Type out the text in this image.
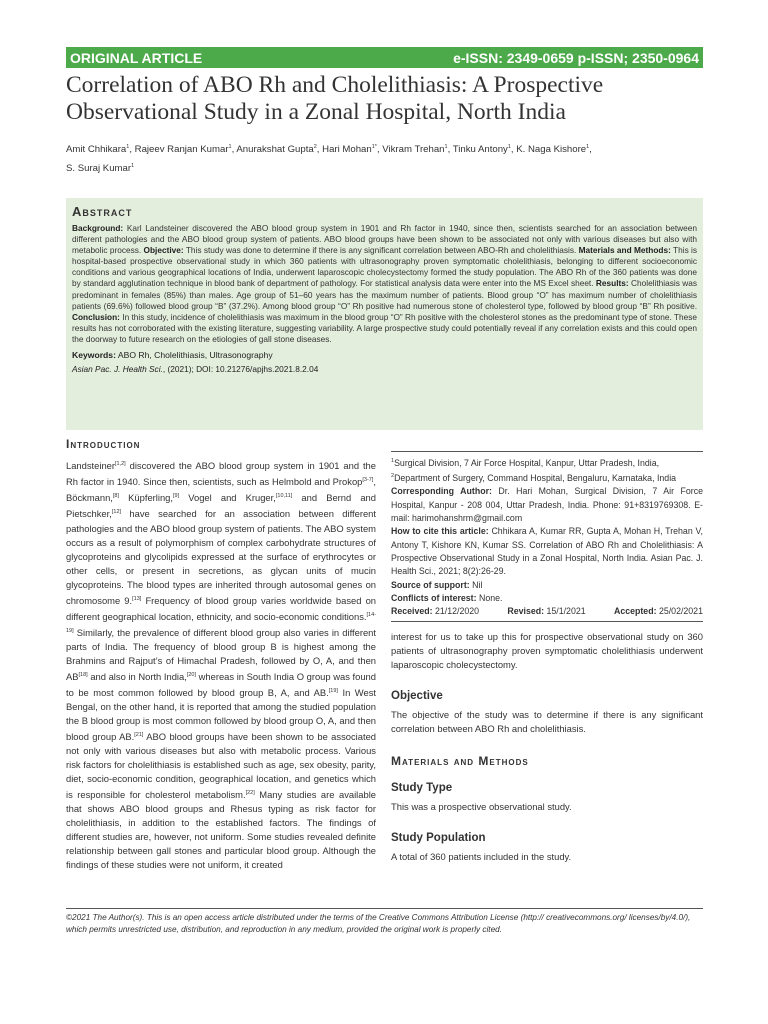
ORIGINAL ARTICLE	e-ISSN: 2349-0659 p-ISSN; 2350-0964
Correlation of ABO Rh and Cholelithiasis: A Prospective Observational Study in a Zonal Hospital, North India
Amit Chhikara$^1$, Rajeev Ranjan Kumar$^1$, Anurakshat Gupta$^2$, Hari Mohan$^{1*}$, Vikram Trehan$^1$, Tinku Antony$^1$, K. Naga Kishore$^1$,
S. Suraj Kumar$^1$
Abstract

Background: Karl Landsteiner discovered the ABO blood group system in 1901 and Rh factor in 1940, since then, scientists searched for an association between different pathologies and the ABO blood group system of patients. ABO blood groups have been shown to be associated not only with various diseases but also with metabolic process. Objective: This study was done to determine if there is any significant correlation between ABO-Rh and cholelithiasis. Materials and Methods: This is hospital-based prospective observational study in which 360 patients with ultrasonography proven symptomatic cholelithiasis, belonging to different socioeconomic conditions and various geographical locations of India, underwent laparoscopic cholecystectomy formed the study population. The ABO Rh of the 360 patients was done by standard agglutination technique in blood bank of department of pathology. For statistical analysis data were enter into the MS Excel sheet. Results: Cholelithiasis was predominant in females (85%) than males. Age group of 51–60 years has the maximum number of patients. Blood group “O” has maximum number of cholelithiasis patients (69.6%) followed blood group “B” (37.2%). Among blood group “O” Rh positive had numerous stone of cholesterol type, followed by blood group “B” Rh positive. Conclusion: In this study, incidence of cholelithiasis was maximum in the blood group “O” Rh positive with the cholesterol stones as the predominant type of stone. These results has not corroborated with the existing literature, suggesting variability. A large prospective study could potentially reveal if any correlation exists and this could open the doorway to future research on the etiologies of gall stone diseases.

Keywords: ABO Rh, Cholelithiasis, Ultrasonography

Asian Pac. J. Health Sci., (2021); DOI: 10.21276/apjhs.2021.8.2.04

Introduction

Landsteiner[1,2] discovered the ABO blood group system in 1901 and the Rh factor in 1940. Since then, scientists, such as Helmbold and Prokop[3-7], Böckmann,[8] Küpferling,[9] Vogel and Kruger,[10,11] and Bernd and Pietschker,[12] have searched for an association between different pathologies and the ABO blood group system of patients. The ABO system occurs as a result of polymorphism of complex carbohydrate structures of glycoproteins and glycolipids expressed at the surface of erythrocytes or other cells, or present in secretions, as glycan units of mucin glycoproteins. The blood types are inherited through autosomal genes on chromosome 9.[13] Frequency of blood group varies worldwide based on different geographical location, ethnicity, and socio-economic conditions.[14-19] Similarly, the prevalence of different blood group also varies in different parts of India. The frequency of blood group B is highest among the Brahmins and Rajput’s of Himachal Pradesh, followed by O, A, and then AB[18] and also in North India,[20] whereas in South India O group was found to be most common followed by blood group B, A, and AB.[19] In West Bengal, on the other hand, it is reported that among the studied population the B blood group is most common followed by blood group O, A, and then blood group AB.[21] ABO blood groups have been shown to be associated not only with various diseases but also with metabolic process. Various risk factors for cholelithiasis is established such as age, sex obesity, parity, diet, socio-economic condition, geographical location, and genetics which is responsible for cholesterol metabolism.[22] Many studies are available that shows ABO blood groups and Rhesus typing as risk factor for cholelithiasis, in addition to the established factors. The findings of different studies are, however, not uniform. Some studies revealed definite relationship between gall stones and particular blood group. Although the findings of these studies were not uniform, it created

$^1$Surgical Division, 7 Air Force Hospital, Kanpur, Uttar Pradesh, India,
$^2$Department of Surgery, Command Hospital, Bengaluru, Karnataka, India

Corresponding Author: Dr. Hari Mohan, Surgical Division, 7 Air Force Hospital, Kanpur - 208 004, Uttar Pradesh, India. Phone: 91+8319769308. E-mail: harimohanshrm@gmail.com

How to cite this article: Chhikara A, Kumar RR, Gupta A, Mohan H, Trehan V, Antony T, Kishore KN, Kumar SS. Correlation of ABO Rh and Cholelithiasis: A Prospective Observational Study in a Zonal Hospital, North India. Asian Pac. J. Health Sci., 2021; 8(2):26-29.

Source of support: Nil

Conflicts of interest: None.

Received: 21/12/2020	Revised: 15/1/2021	Accepted: 25/02/2021

interest for us to take up this for prospective observational study on 360 patients of ultrasonography proven symptomatic cholelithiasis underwent laparoscopic cholecystectomy.

Objective

The objective of the study was to determine if there is any significant correlation between ABO Rh and cholelithiasis.

Materials and Methods
Study Type

This was a prospective observational study.

Study Population

A total of 360 patients included in the study.

©2021 The Author(s). This is an open access article distributed under the terms of the Creative Commons Attribution License (http:// creativecommons.org/ licenses/by/4.0/), which permits unrestricted use, distribution, and reproduction in any medium, provided the original work is properly cited.
